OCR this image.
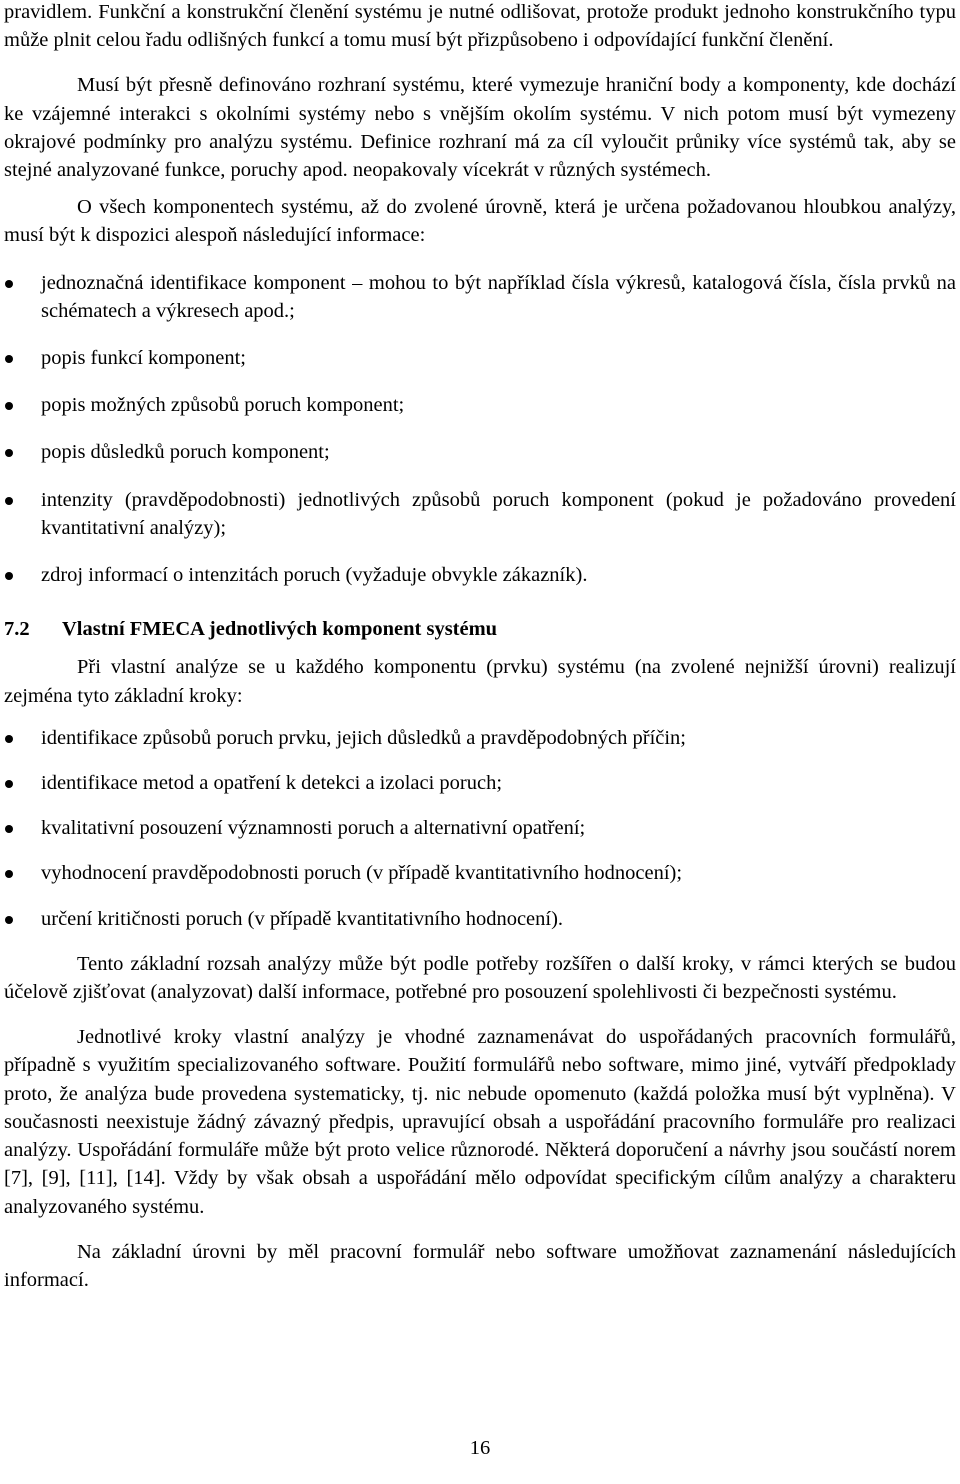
pravidlem. Funkční a konstrukční členění systému je nutné odlišovat, protože produkt jednoho konstrukčního typu může plnit celou řadu odlišných funkcí a tomu musí být přizpůsobeno i odpovídající funkční členění.

Musí být přesně definováno rozhraní systému, které vymezuje hraniční body a komponenty, kde dochází ke vzájemné interakci s okolními systémy nebo s vnějším okolím systému. V nich potom musí být vymezeny okrajové podmínky pro analýzu systému. Definice rozhraní má za cíl vyloučit průniky více systémů tak, aby se stejné analyzované funkce, poruchy apod. neopakovaly vícekrát v různých systémech.

O všech komponentech systému, až do zvolené úrovně, která je určena požadovanou hloubkou analýzy, musí být k dispozici alespoň následující informace:

jednoznačná identifikace komponent – mohou to být například čísla výkresů, katalogová čísla, čísla prvků na schématech a výkresech apod.;
popis funkcí komponent;
popis možných způsobů poruch komponent;
popis důsledků poruch komponent;
intenzity (pravděpodobnosti) jednotlivých způsobů poruch komponent (pokud je požadováno provedení kvantitativní analýzy);
zdroj informací o intenzitách poruch (vyžaduje obvykle zákazník).
7.2	Vlastní FMECA jednotlivých komponent systému

Při vlastní analýze se u každého komponentu (prvku) systému (na zvolené nejnižší úrovni) realizují zejména tyto základní kroky:

identifikace způsobů poruch prvku, jejich důsledků a pravděpodobných příčin;
identifikace metod a opatření k detekci a izolaci poruch;
kvalitativní posouzení významnosti poruch a alternativní opatření;
vyhodnocení pravděpodobnosti poruch (v případě kvantitativního hodnocení);
určení kritičnosti poruch (v případě kvantitativního hodnocení).

Tento základní rozsah analýzy může být podle potřeby rozšířen o další kroky, v rámci kterých se budou účelově zjišťovat (analyzovat) další informace, potřebné pro posouzení spolehlivosti či bezpečnosti systému.

Jednotlivé kroky vlastní analýzy je vhodné zaznamenávat do uspořádaných pracovních formulářů, případně s využitím specializovaného software. Použití formulářů nebo software, mimo jiné, vytváří předpoklady proto, že analýza bude provedena systematicky, tj. nic nebude opomenuto (každá položka musí být vyplněna). V současnosti neexistuje žádný závazný předpis, upravující obsah a uspořádání pracovního formuláře pro realizaci analýzy. Uspořádání formuláře může být proto velice různorodé. Některá doporučení a návrhy jsou součástí norem [7], [9], [11], [14]. Vždy by však obsah a uspořádání mělo odpovídat specifickým cílům analýzy a charakteru analyzovaného systému.

Na základní úrovni by měl pracovní formulář nebo software umožňovat zaznamenání následujících informací.

16
